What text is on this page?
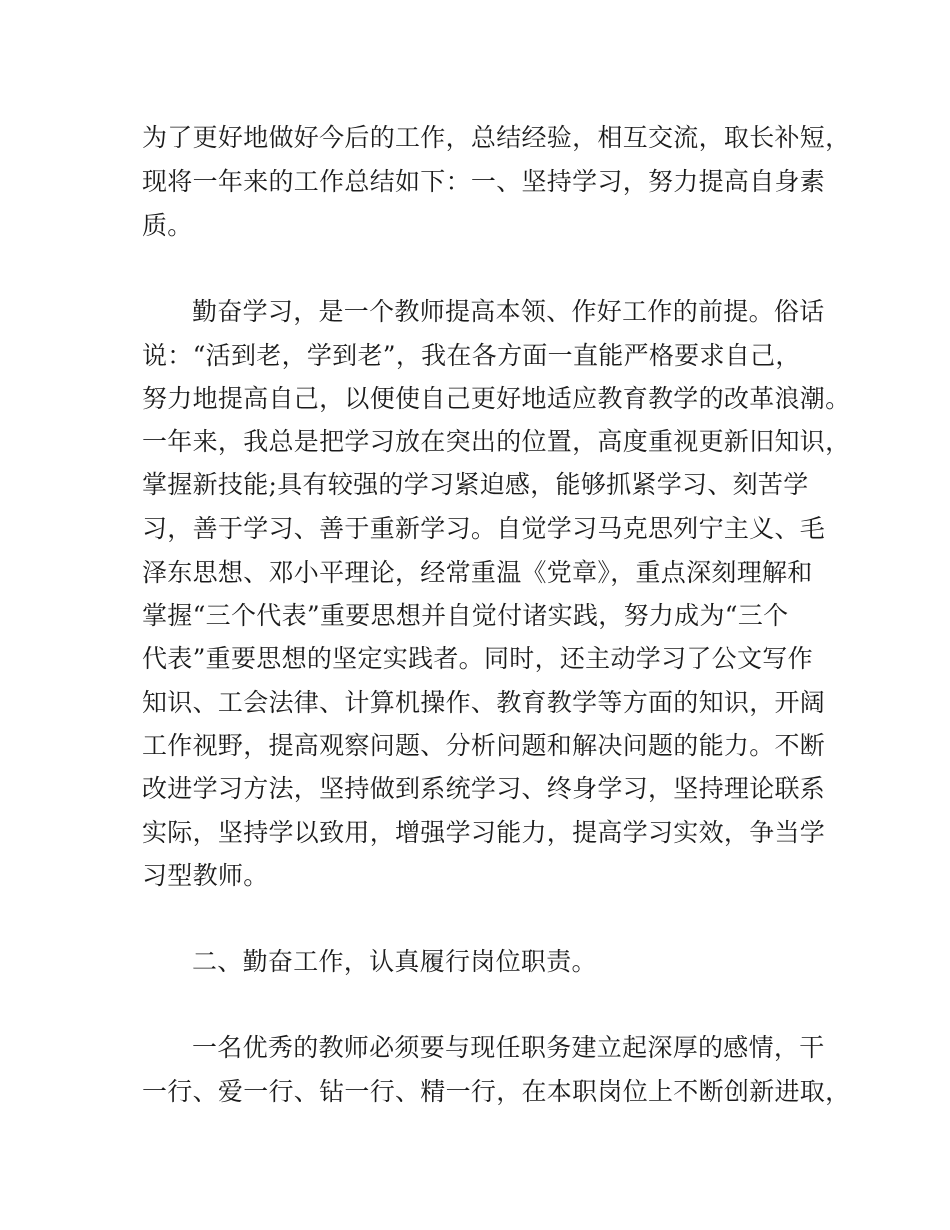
为了更好地做好今后的工作，总结经验，相互交流，取长补短，
现将一年来的工作总结如下：一、坚持学习，努力提高自身素
质。
勤奋学习，是一个教师提高本领、作好工作的前提。俗话
说：“活到老，学到老”，我在各方面一直能严格要求自己，
努力地提高自己，以便使自己更好地适应教育教学的改革浪潮。
一年来，我总是把学习放在突出的位置，高度重视更新旧知识，
掌握新技能;具有较强的学习紧迫感，能够抓紧学习、刻苦学
习，善于学习、善于重新学习。自觉学习马克思列宁主义、毛
泽东思想、邓小平理论，经常重温《党章》，重点深刻理解和
掌握“三个代表”重要思想并自觉付诸实践，努力成为“三个
代表”重要思想的坚定实践者。同时，还主动学习了公文写作
知识、工会法律、计算机操作、教育教学等方面的知识，开阔
工作视野，提高观察问题、分析问题和解决问题的能力。不断
改进学习方法，坚持做到系统学习、终身学习，坚持理论联系
实际，坚持学以致用，增强学习能力，提高学习实效，争当学
习型教师。
二、勤奋工作，认真履行岗位职责。
一名优秀的教师必须要与现任职务建立起深厚的感情，干
一行、爱一行、钻一行、精一行，在本职岗位上不断创新进取，
